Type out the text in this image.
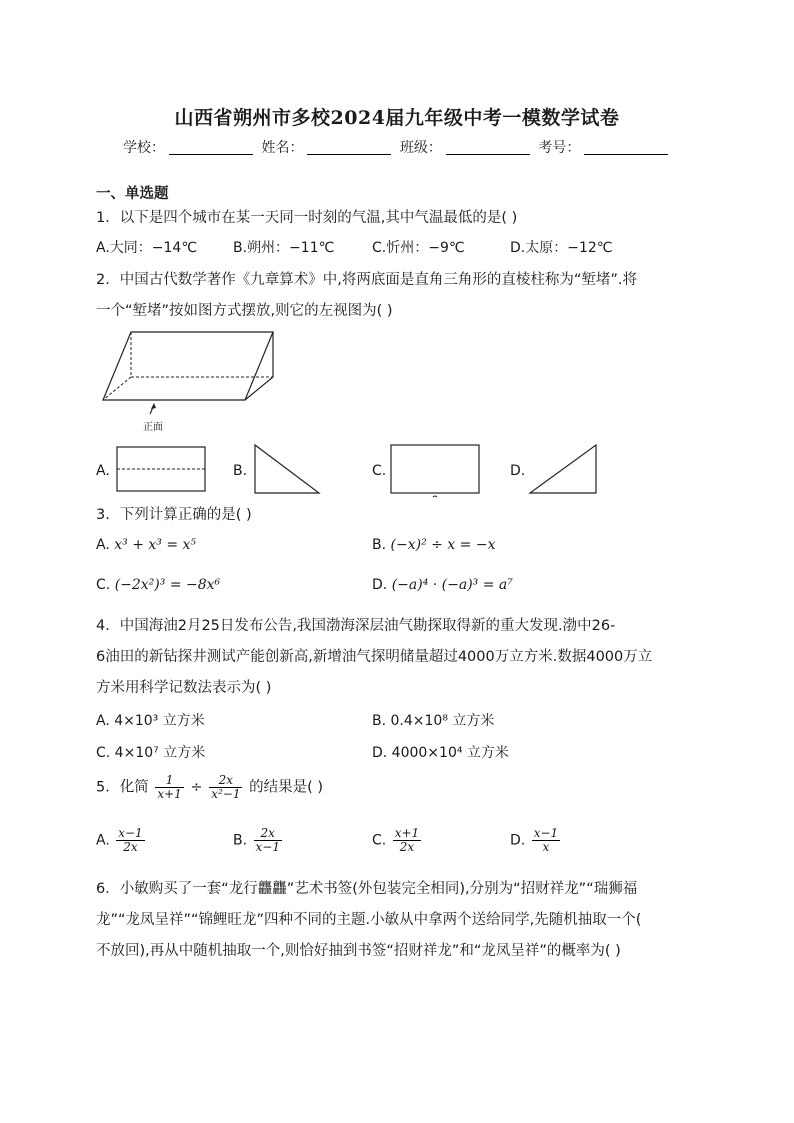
山西省朔州市多校2024届九年级中考一模数学试卷
学校：	姓名：	班级：	考号：
一、单选题
1．以下是四个城市在某一天同一时刻的气温,其中气温最低的是( )
A.大同：−14℃	B.朔州：−11℃	C.忻州：−9℃	D.太原：−12℃
2．中国古代数学著作《九章算术》中,将两底面是直角三角形的直棱柱称为“堑堵”.将
一个“堑堵”按如图方式摆放,则它的左视图为( )
正面
A.	B.	C.	D.
3．下列计算正确的是( )
A. x³ + x³ = x⁵	B. (−x)² ÷ x = −x
C. (−2x²)³ = −8x⁶	D. (−a)⁴ · (−a)³ = a⁷
4．中国海油2月25日发布公告,我国渤海深层油气勘探取得新的重大发现.渤中26-
6油田的新钻探井测试产能创新高,新增油气探明储量超过4000万立方米.数据4000万立
方米用科学记数法表示为( )
A. 4×10³ 立方米	B. 0.4×10⁸ 立方米
C. 4×10⁷ 立方米	D. 4000×10⁴ 立方米
5．化简 $\frac{1}{x+1} \div \frac{2x}{\text{x²−1}}$ 的结果是( )
A. $\frac{x-1}{2x}$	B. $\frac{2x}{x-1}$	C. $\frac{x+1}{2x}$	D. $\frac{x-1}{x}$
6．小敏购买了一套“龙行龘龘”艺术书签(外包装完全相同),分别为“招财祥龙”“瑞狮福
龙”“龙凤呈祥”“锦鲤旺龙”四种不同的主题.小敏从中拿两个送给同学,先随机抽取一个(
不放回),再从中随机抽取一个,则恰好抽到书签“招财祥龙”和“龙凤呈祥”的概率为( )
